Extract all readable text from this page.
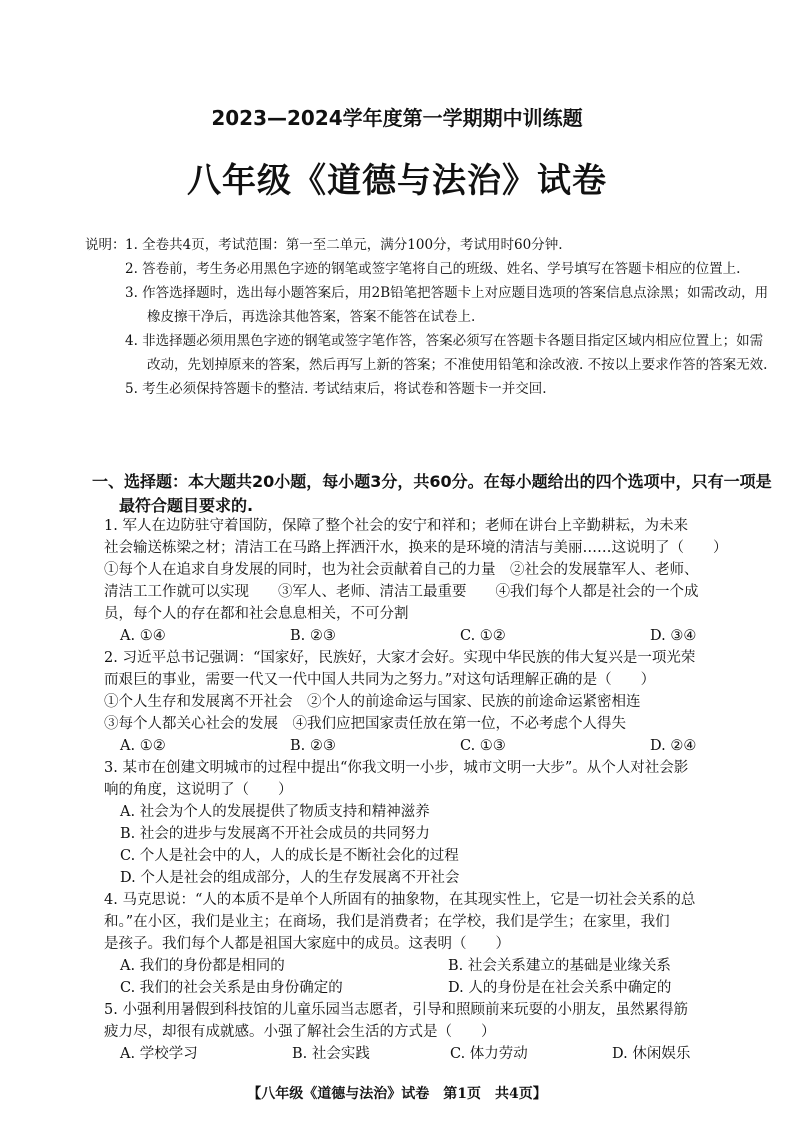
2023—2024学年度第一学期期中训练题
八年级《道德与法治》试卷
说明： 1. 全卷共4页，考试范围：第一至二单元，满分100分，考试用时60分钟.

2. 答卷前，考生务必用黑色字迹的钢笔或签字笔将自己的班级、姓名、学号填写在答题卡相应的位置上.

3. 作答选择题时，选出每小题答案后，用2B铅笔把答题卡上对应题目选项的答案信息点涂黑；如需改动，用橡皮擦干净后，再选涂其他答案，答案不能答在试卷上.

4. 非选择题必须用黑色字迹的钢笔或签字笔作答，答案必须写在答题卡各题目指定区域内相应位置上；如需改动，先划掉原来的答案，然后再写上新的答案；不准使用铅笔和涂改液. 不按以上要求作答的答案无效.

5. 考生必须保持答题卡的整洁. 考试结束后，将试卷和答题卡一并交回.

一、选择题：本大题共20小题，每小题3分，共60分。在每小题给出的四个选项中，只有一项是最符合题目要求的.
1. 军人在边防驻守着国防，保障了整个社会的安宁和祥和；老师在讲台上辛勤耕耘，为未来
社会输送栋梁之材；清洁工在马路上挥洒汗水，换来的是环境的清洁与美丽……这说明了（　　）
①每个人在追求自身发展的同时，也为社会贡献着自己的力量　②社会的发展靠军人、老师、
清洁工工作就可以实现　　③军人、老师、清洁工最重要　　④我们每个人都是社会的一个成
员，每个人的存在都和社会息息相关，不可分割
A. ①④	B. ②③	C. ①②	D. ③④
2. 习近平总书记强调：“国家好，民族好，大家才会好。实现中华民族的伟大复兴是一项光荣
而艰巨的事业，需要一代又一代中国人共同为之努力。”对这句话理解正确的是（　　）
①个人生存和发展离不开社会　②个人的前途命运与国家、民族的前途命运紧密相连
③每个人都关心社会的发展　④我们应把国家责任放在第一位，不必考虑个人得失
A. ①②	B. ②③	C. ①③	D. ②④
3. 某市在创建文明城市的过程中提出“你我文明一小步，城市文明一大步”。从个人对社会影
响的角度，这说明了（　　）
A. 社会为个人的发展提供了物质支持和精神滋养
B. 社会的进步与发展离不开社会成员的共同努力
C. 个人是社会中的人，人的成长是不断社会化的过程
D. 个人是社会的组成部分，人的生存发展离不开社会
4. 马克思说：“人的本质不是单个人所固有的抽象物，在其现实性上，它是一切社会关系的总
和。”在小区，我们是业主；在商场，我们是消费者；在学校，我们是学生；在家里，我们
是孩子。我们每个人都是祖国大家庭中的成员。这表明（　　）
A. 我们的身份都是相同的	B. 社会关系建立的基础是业缘关系
C. 我们的社会关系是由身份确定的	D. 人的身份是在社会关系中确定的
5. 小强利用暑假到科技馆的儿童乐园当志愿者，引导和照顾前来玩耍的小朋友，虽然累得筋
疲力尽，却很有成就感。小强了解社会生活的方式是（　　）
A. 学校学习	B. 社会实践	C. 体力劳动	D. 休闲娱乐
【八年级《道德与法治》试卷　第1页　共4页】
